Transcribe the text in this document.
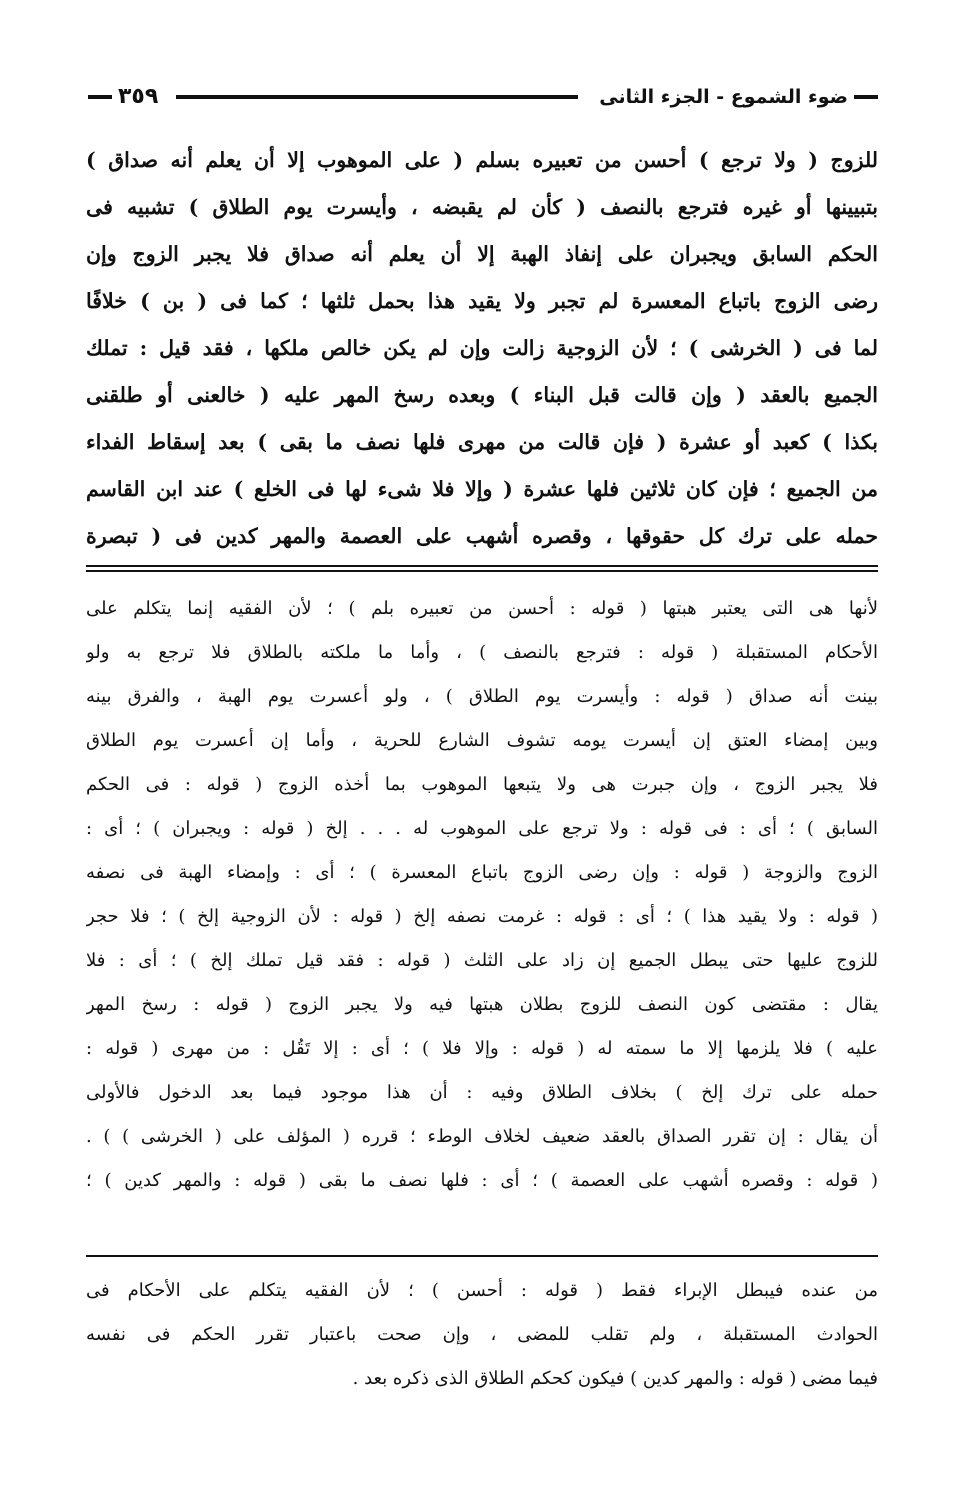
٣٥٩	ضوء الشموع - الجزء الثانى
للزوج ( ولا ترجع ) أحسن من تعبيره بسلم ( على الموهوب إلا أن يعلم أنه صداق )
بتبيينها أو غيره فترجع بالنصف ( كأن لم يقبضه ، وأيسرت يوم الطلاق ) تشبيه فى
الحكم السابق ويجبران على إنفاذ الهبة إلا أن يعلم أنه صداق فلا يجبر الزوج وإن
رضى الزوج باتباع المعسرة لم تجبر ولا يقيد هذا بحمل ثلثها ؛ كما فى ( بن ) خلافًا
لما فى ( الخرشى ) ؛ لأن الزوجية زالت وإن لم يكن خالص ملكها ، فقد قيل : تملك
الجميع بالعقد ( وإن قالت قبل البناء ) وبعده رسخ المهر عليه ( خالعنى أو طلقنى
بكذا ) كعبد أو عشرة ( فإن قالت من مهرى فلها نصف ما بقى ) بعد إسقاط الفداء
من الجميع ؛ فإن كان ثلاثين فلها عشرة ( وإلا فلا شىء لها فى الخلع ) عند ابن القاسم
حمله على ترك كل حقوقها ، وقصره أشهب على العصمة والمهر كدين فى ( تبصرة
لأنها هى التى يعتبر هبتها ( قوله : أحسن من تعبيره بلم ) ؛ لأن الفقيه إنما يتكلم على
الأحكام المستقبلة ( قوله : فترجع بالنصف ) ، وأما ما ملكته بالطلاق فلا ترجع به ولو
بينت أنه صداق ( قوله : وأيسرت يوم الطلاق ) ، ولو أعسرت يوم الهبة ، والفرق بينه
وبين إمضاء العتق إن أيسرت يومه تشوف الشارع للحرية ، وأما إن أعسرت يوم الطلاق
فلا يجبر الزوج ، وإن جبرت هى ولا يتبعها الموهوب بما أخذه الزوج ( قوله : فى الحكم
السابق ) ؛ أى : فى قوله : ولا ترجع على الموهوب له . . . إلخ ( قوله : ويجبران ) ؛ أى :
الزوج والزوجة ( قوله : وإن رضى الزوج باتباع المعسرة ) ؛ أى : وإمضاء الهبة فى نصفه
( قوله : ولا يقيد هذا ) ؛ أى : قوله : غرمت نصفه إلخ ( قوله : لأن الزوجية إلخ ) ؛ فلا حجر
للزوج عليها حتى يبطل الجميع إن زاد على الثلث ( قوله : فقد قيل تملك إلخ ) ؛ أى : فلا
يقال : مقتضى كون النصف للزوج بطلان هبتها فيه ولا يجبر الزوج ( قوله : رسخ المهر
عليه ) فلا يلزمها إلا ما سمته له ( قوله : وإلا فلا ) ؛ أى : إلا تَقُل : من مهرى ( قوله :
حمله على ترك إلخ ) بخلاف الطلاق وفيه : أن هذا موجود فيما بعد الدخول فالأولى
أن يقال : إن تقرر الصداق بالعقد ضعيف لخلاف الوطء ؛ قرره ( المؤلف على ( الخرشى ) ) .
( قوله : وقصره أشهب على العصمة ) ؛ أى : فلها نصف ما بقى ( قوله : والمهر كدين ) ؛
من عنده فيبطل الإبراء فقط ( قوله : أحسن ) ؛ لأن الفقيه يتكلم على الأحكام فى
الحوادث المستقبلة ، ولم تقلب للمضى ، وإن صحت باعتبار تقرر الحكم فى نفسه
فيما مضى ( قوله : والمهر كدين ) فيكون كحكم الطلاق الذى ذكره بعد .
